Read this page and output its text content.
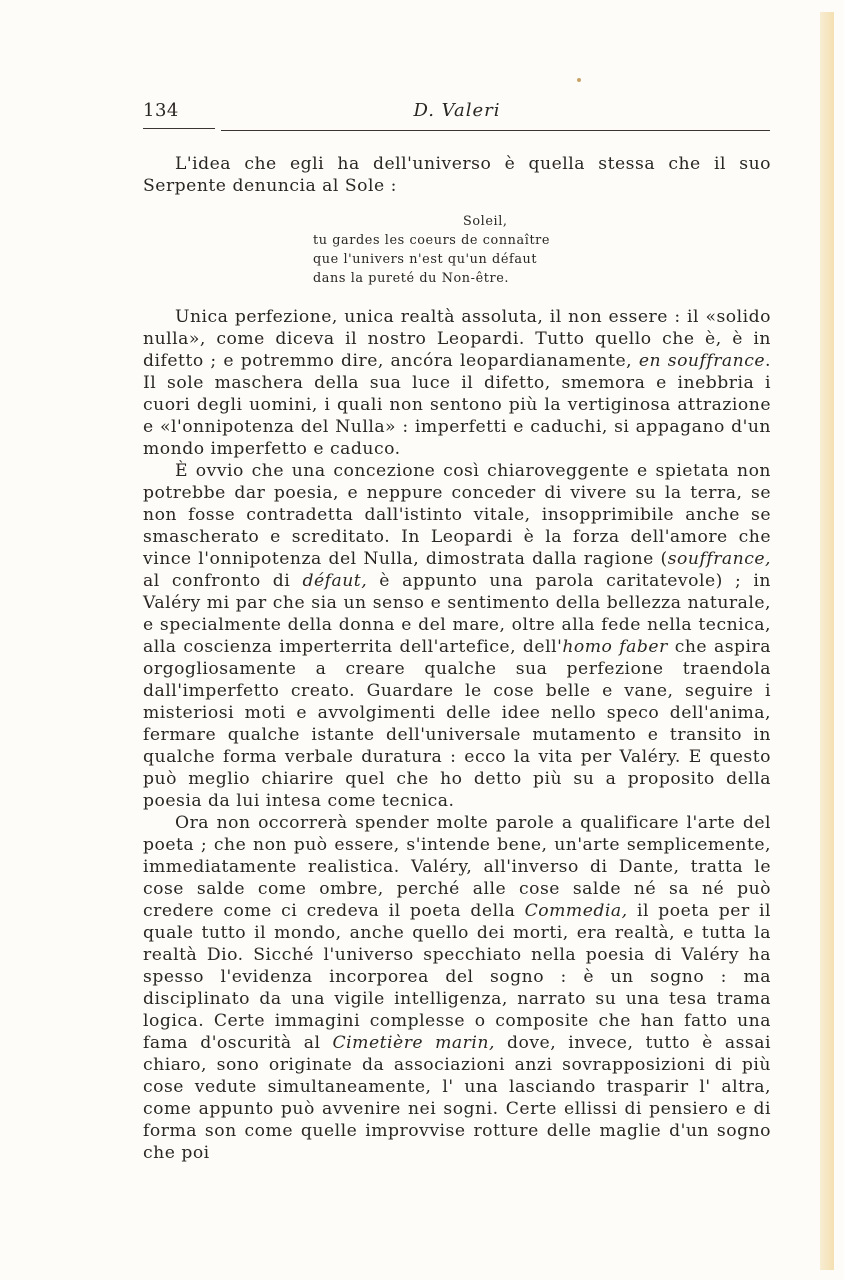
134	D. Valeri

L'idea che egli ha dell'universo è quella stessa che il suo Serpente denuncia al Sole :

Soleil,
tu gardes les coeurs de connaître
que l'univers n'est qu'un défaut
dans la pureté du Non-être.

Unica perfezione, unica realtà assoluta, il non essere : il «solido nulla», come diceva il nostro Leopardi. Tutto quello che è, è in difetto ; e potremmo dire, ancóra leopardianamente, en souffrance. Il sole maschera della sua luce il difetto, smemora e inebbria i cuori degli uomini, i quali non sentono più la vertiginosa attrazione e «l'onnipotenza del Nulla» : imperfetti e caduchi, si appagano d'un mondo imperfetto e caduco.

È ovvio che una concezione così chiaroveggente e spietata non potrebbe dar poesia, e neppure conceder di vivere su la terra, se non fosse contradetta dall'istinto vitale, insopprimibile anche se smascherato e screditato. In Leopardi è la forza dell'amore che vince l'onnipotenza del Nulla, dimostrata dalla ragione (souffrance, al confronto di défaut, è appunto una parola caritatevole) ; in Valéry mi par che sia un senso e sentimento della bellezza naturale, e specialmente della donna e del mare, oltre alla fede nella tecnica, alla coscienza imperterrita dell'artefice, dell'homo faber che aspira orgogliosamente a creare qualche sua perfezione traendola dall'imperfetto creato. Guardare le cose belle e vane, seguire i misteriosi moti e avvolgimenti delle idee nello speco dell'anima, fermare qualche istante dell'universale mutamento e transito in qualche forma verbale duratura : ecco la vita per Valéry. E questo può meglio chiarire quel che ho detto più su a proposito della poesia da lui intesa come tecnica.

Ora non occorrerà spender molte parole a qualificare l'arte del poeta ; che non può essere, s'intende bene, un'arte semplicemente, immediatamente realistica. Valéry, all'inverso di Dante, tratta le cose salde come ombre, perché alle cose salde né sa né può credere come ci credeva il poeta della Commedia, il poeta per il quale tutto il mondo, anche quello dei morti, era realtà, e tutta la realtà Dio. Sicché l'universo specchiato nella poesia di Valéry ha spesso l'evidenza incorporea del sogno : è un sogno : ma disciplinato da una vigile intelligenza, narrato su una tesa trama logica. Certe immagini complesse o composite che han fatto una fama d'oscurità al Cimetière marin, dove, invece, tutto è assai chiaro, sono originate da associazioni anzi sovrapposizioni di più cose vedute simultaneamente, l' una lasciando trasparir l' altra, come appunto può avvenire nei sogni. Certe ellissi di pensiero e di forma son come quelle improvvise rotture delle maglie d'un sogno che poi
